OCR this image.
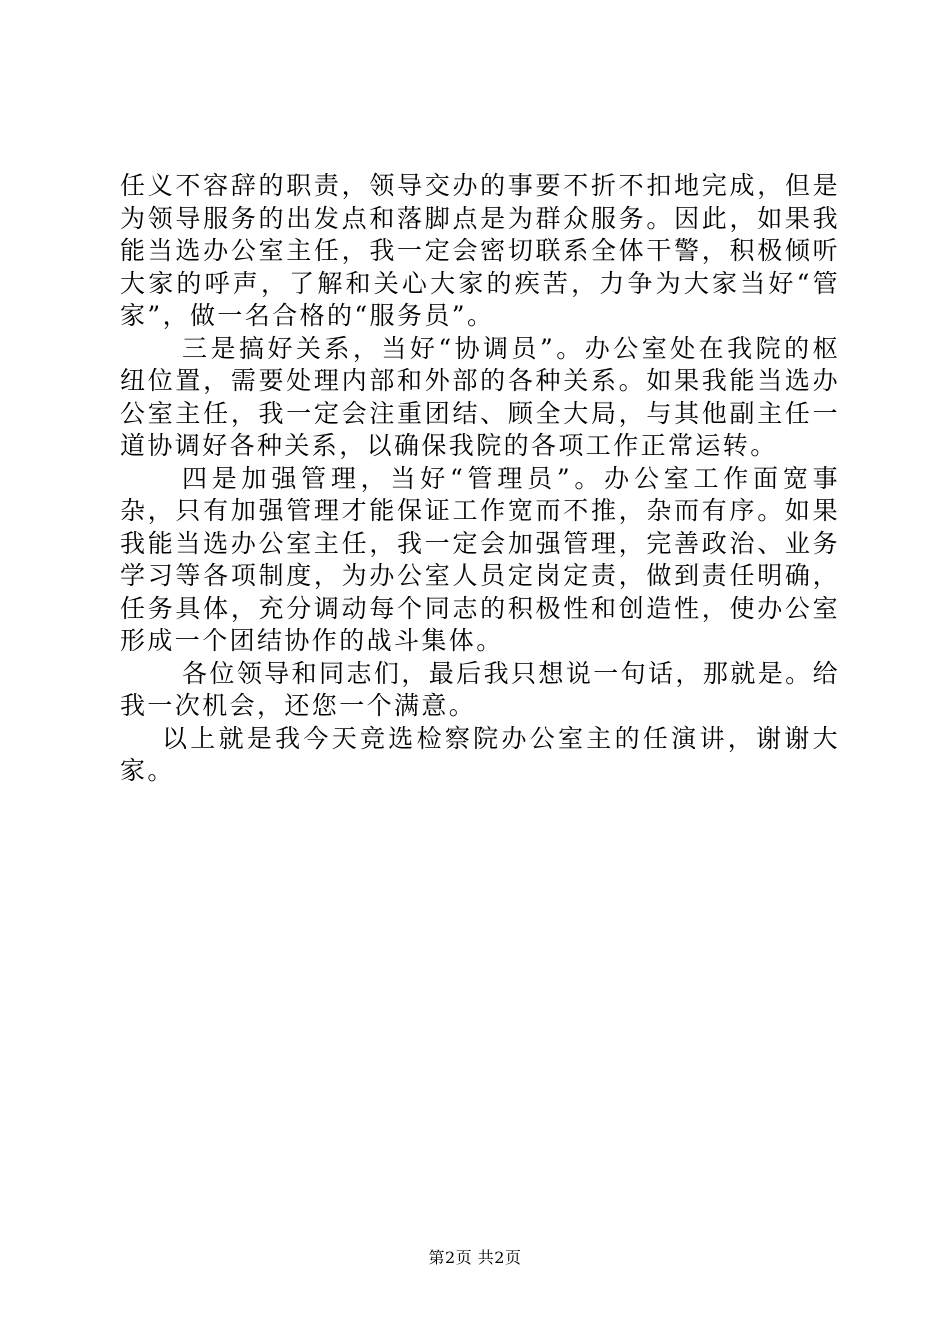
任义不容辞的职责，领导交办的事要不折不扣地完成，但是为领导服务的出发点和落脚点是为群众服务。因此，如果我能当选办公室主任，我一定会密切联系全体干警，积极倾听大家的呼声，了解和关心大家的疾苦，力争为大家当好“管家”，做一名合格的“服务员”。

三是搞好关系，当好“协调员”。办公室处在我院的枢纽位置，需要处理内部和外部的各种关系。如果我能当选办公室主任，我一定会注重团结、顾全大局，与其他副主任一道协调好各种关系，以确保我院的各项工作正常运转。

四是加强管理，当好“管理员”。办公室工作面宽事杂，只有加强管理才能保证工作宽而不推，杂而有序。如果我能当选办公室主任，我一定会加强管理，完善政治、业务学习等各项制度，为办公室人员定岗定责，做到责任明确，任务具体，充分调动每个同志的积极性和创造性，使办公室形成一个团结协作的战斗集体。

各位领导和同志们，最后我只想说一句话，那就是。给我一次机会，还您一个满意。

以上就是我今天竞选检察院办公室主的任演讲，谢谢大家。

第2页 共2页
